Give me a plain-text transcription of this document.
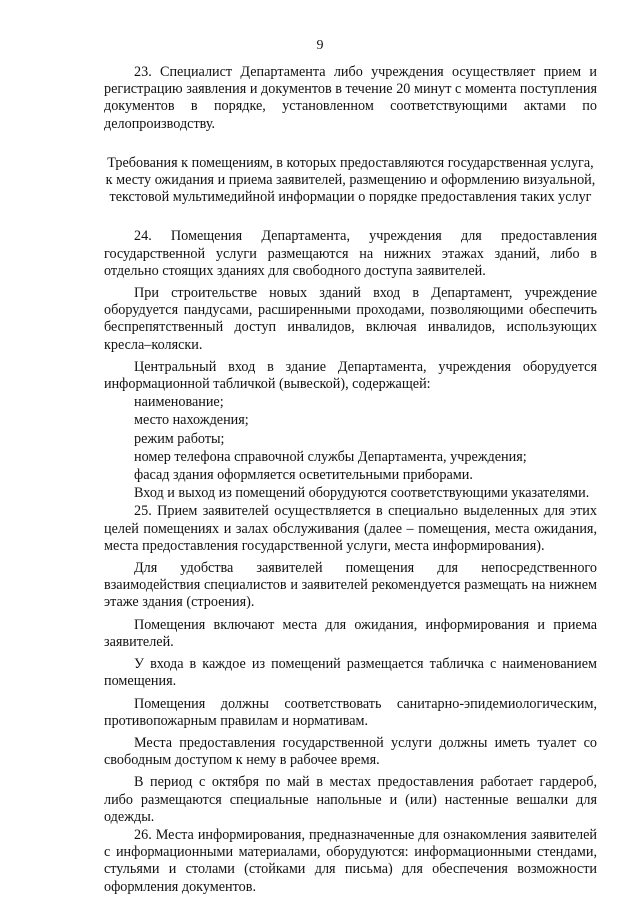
9

23. Специалист Департамента либо учреждения осуществляет прием и регистрацию заявления и документов в течение 20 минут с момента поступления документов в порядке, установленном соответствующими актами по делопроизводству.

Требования к помещениям, в которых предоставляются государственная услуга, к месту ожидания и приема заявителей, размещению и оформлению визуальной, текстовой мультимедийной информации о порядке предоставления таких услуг

24. Помещения Департамента, учреждения для предоставления государственной услуги размещаются на нижних этажах зданий, либо в отдельно стоящих зданиях для свободного доступа заявителей.

При строительстве новых зданий вход в Департамент, учреждение оборудуется пандусами, расширенными проходами, позволяющими обеспечить беспрепятственный доступ инвалидов, включая инвалидов, использующих кресла–коляски.

Центральный вход в здание Департамента, учреждения оборудуется информационной табличкой (вывеской), содержащей:

наименование;

место нахождения;

режим работы;

номер телефона справочной службы Департамента, учреждения;

фасад здания оформляется осветительными приборами.

Вход и выход из помещений оборудуются соответствующими указателями.

25. Прием заявителей осуществляется в специально выделенных для этих целей помещениях и залах обслуживания (далее – помещения, места ожидания, места предоставления государственной услуги, места информирования).

Для удобства заявителей помещения для непосредственного взаимодействия специалистов и заявителей рекомендуется размещать на нижнем этаже здания (строения).

Помещения включают места для ожидания, информирования и приема заявителей.

У входа в каждое из помещений размещается табличка с наименованием помещения.

Помещения должны соответствовать санитарно-эпидемиологическим, противопожарным правилам и нормативам.

Места предоставления государственной услуги должны иметь туалет со свободным доступом к нему в рабочее время.

В период с октября по май в местах предоставления работает гардероб, либо размещаются специальные напольные и (или) настенные вешалки для одежды.

26. Места информирования, предназначенные для ознакомления заявителей с информационными материалами, оборудуются: информационными стендами, стульями и столами (стойками для письма) для обеспечения возможности оформления документов.
